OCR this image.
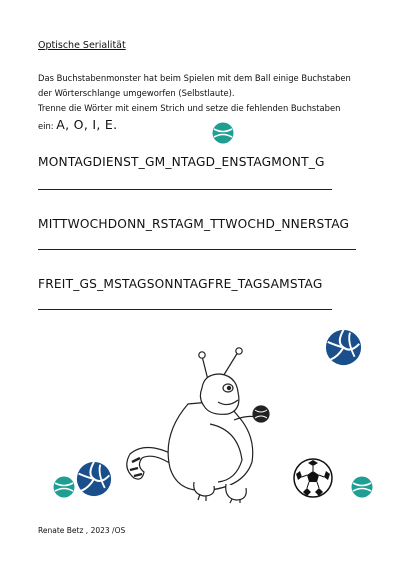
Optische Serialität
Das Buchstabenmonster hat beim Spielen mit dem Ball einige Buchstaben
der Wörterschlange umgeworfen (Selbstlaute).
Trenne die Wörter mit einem Strich und setze die fehlenden Buchstaben
ein: A, O, I, E.
MONTAGDIENST_GM_NTAGD_ENSTAGMONT_G
MITTWOCHDONN_RSTAGM_TTWOCHD_NNERSTAG
FREIT_GS_MSTAGSONNTAGFRE_TAGSAMSTAG
Renate Betz , 2023 /OS
